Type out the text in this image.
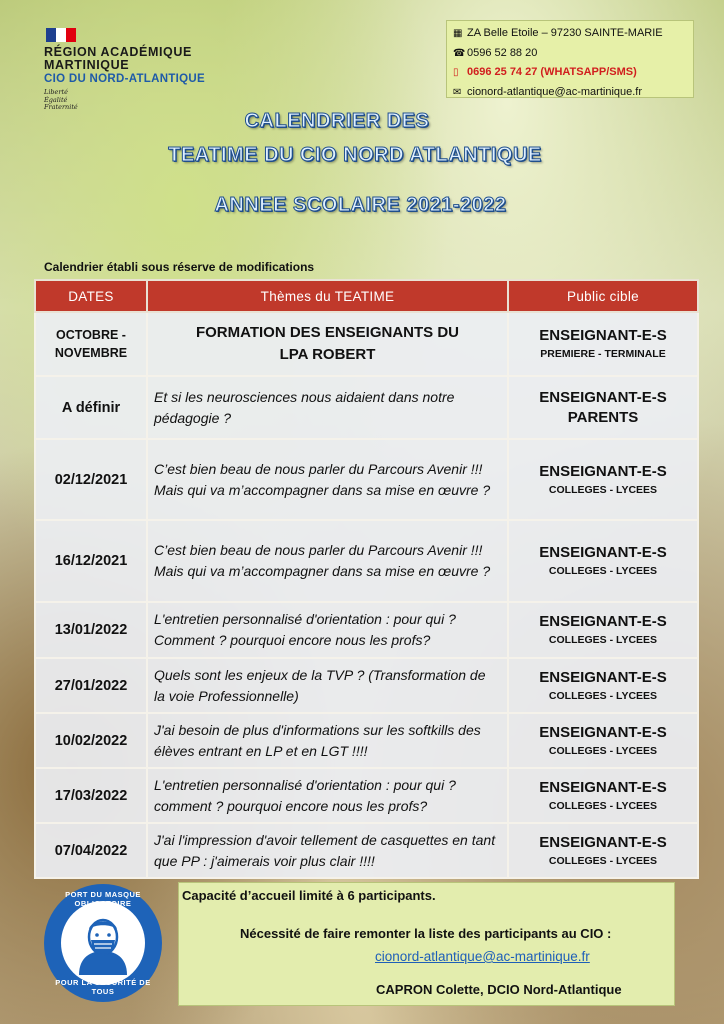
RÉGION ACADÉMIQUE
MARTINIQUE
CIO DU NORD-ATLANTIQUE
Liberté
Égalité
Fraternité
▦ ZA Belle Etoile – 97230 SAINTE-MARIE
☎ 0596 52 88 20
▯ 0696 25 74 27 (WHATSAPP/SMS)
✉ cionord-atlantique@ac-martinique.fr
CALENDRIER DES
TEATIME DU CIO NORD ATLANTIQUE
ANNEE SCOLAIRE 2021-2022
Calendrier établi sous réserve de modifications
DATES	Thèmes du TEATIME	Public cible
OCTOBRE - NOVEMBRE	FORMATION DES ENSEIGNANTS DU LPA ROBERT	ENSEIGNANT-E-S
PREMIERE - TERMINALE

A définir	Et si les neurosciences nous aidaient dans notre pédagogie ?	ENSEIGNANT-E-S
PARENTS

02/12/2021	C’est bien beau de nous parler du Parcours Avenir !!! Mais qui va m’accompagner dans sa mise en œuvre ?	ENSEIGNANT-E-S
COLLEGES - LYCEES

16/12/2021	C’est bien beau de nous parler du Parcours Avenir !!! Mais qui va m’accompagner dans sa mise en œuvre ?	ENSEIGNANT-E-S
COLLEGES - LYCEES

13/01/2022	L'entretien personnalisé d'orientation : pour qui ? Comment ? pourquoi encore nous les profs?	ENSEIGNANT-E-S
COLLEGES - LYCEES

27/01/2022	Quels sont les enjeux de la TVP ? (Transformation de la voie Professionnelle)	ENSEIGNANT-E-S
COLLEGES - LYCEES

10/02/2022	J'ai besoin de plus d'informations sur les softkills des élèves entrant en LP et en LGT !!!!	ENSEIGNANT-E-S
COLLEGES - LYCEES

17/03/2022	L'entretien personnalisé d'orientation : pour qui ? comment ? pourquoi encore nous les profs?	ENSEIGNANT-E-S
COLLEGES - LYCEES

07/04/2022	J'ai l'impression d'avoir tellement de casquettes en tant que PP : j'aimerais voir plus clair !!!!	ENSEIGNANT-E-S
COLLEGES - LYCEES
PORT DU MASQUE OBLIGATOIRE
POUR LA SÉCURITÉ DE TOUS
Capacité d’accueil limité à 6 participants.
Nécessité de faire remonter la liste des participants au CIO :
cionord-atlantique@ac-martinique.fr
CAPRON Colette, DCIO Nord-Atlantique
